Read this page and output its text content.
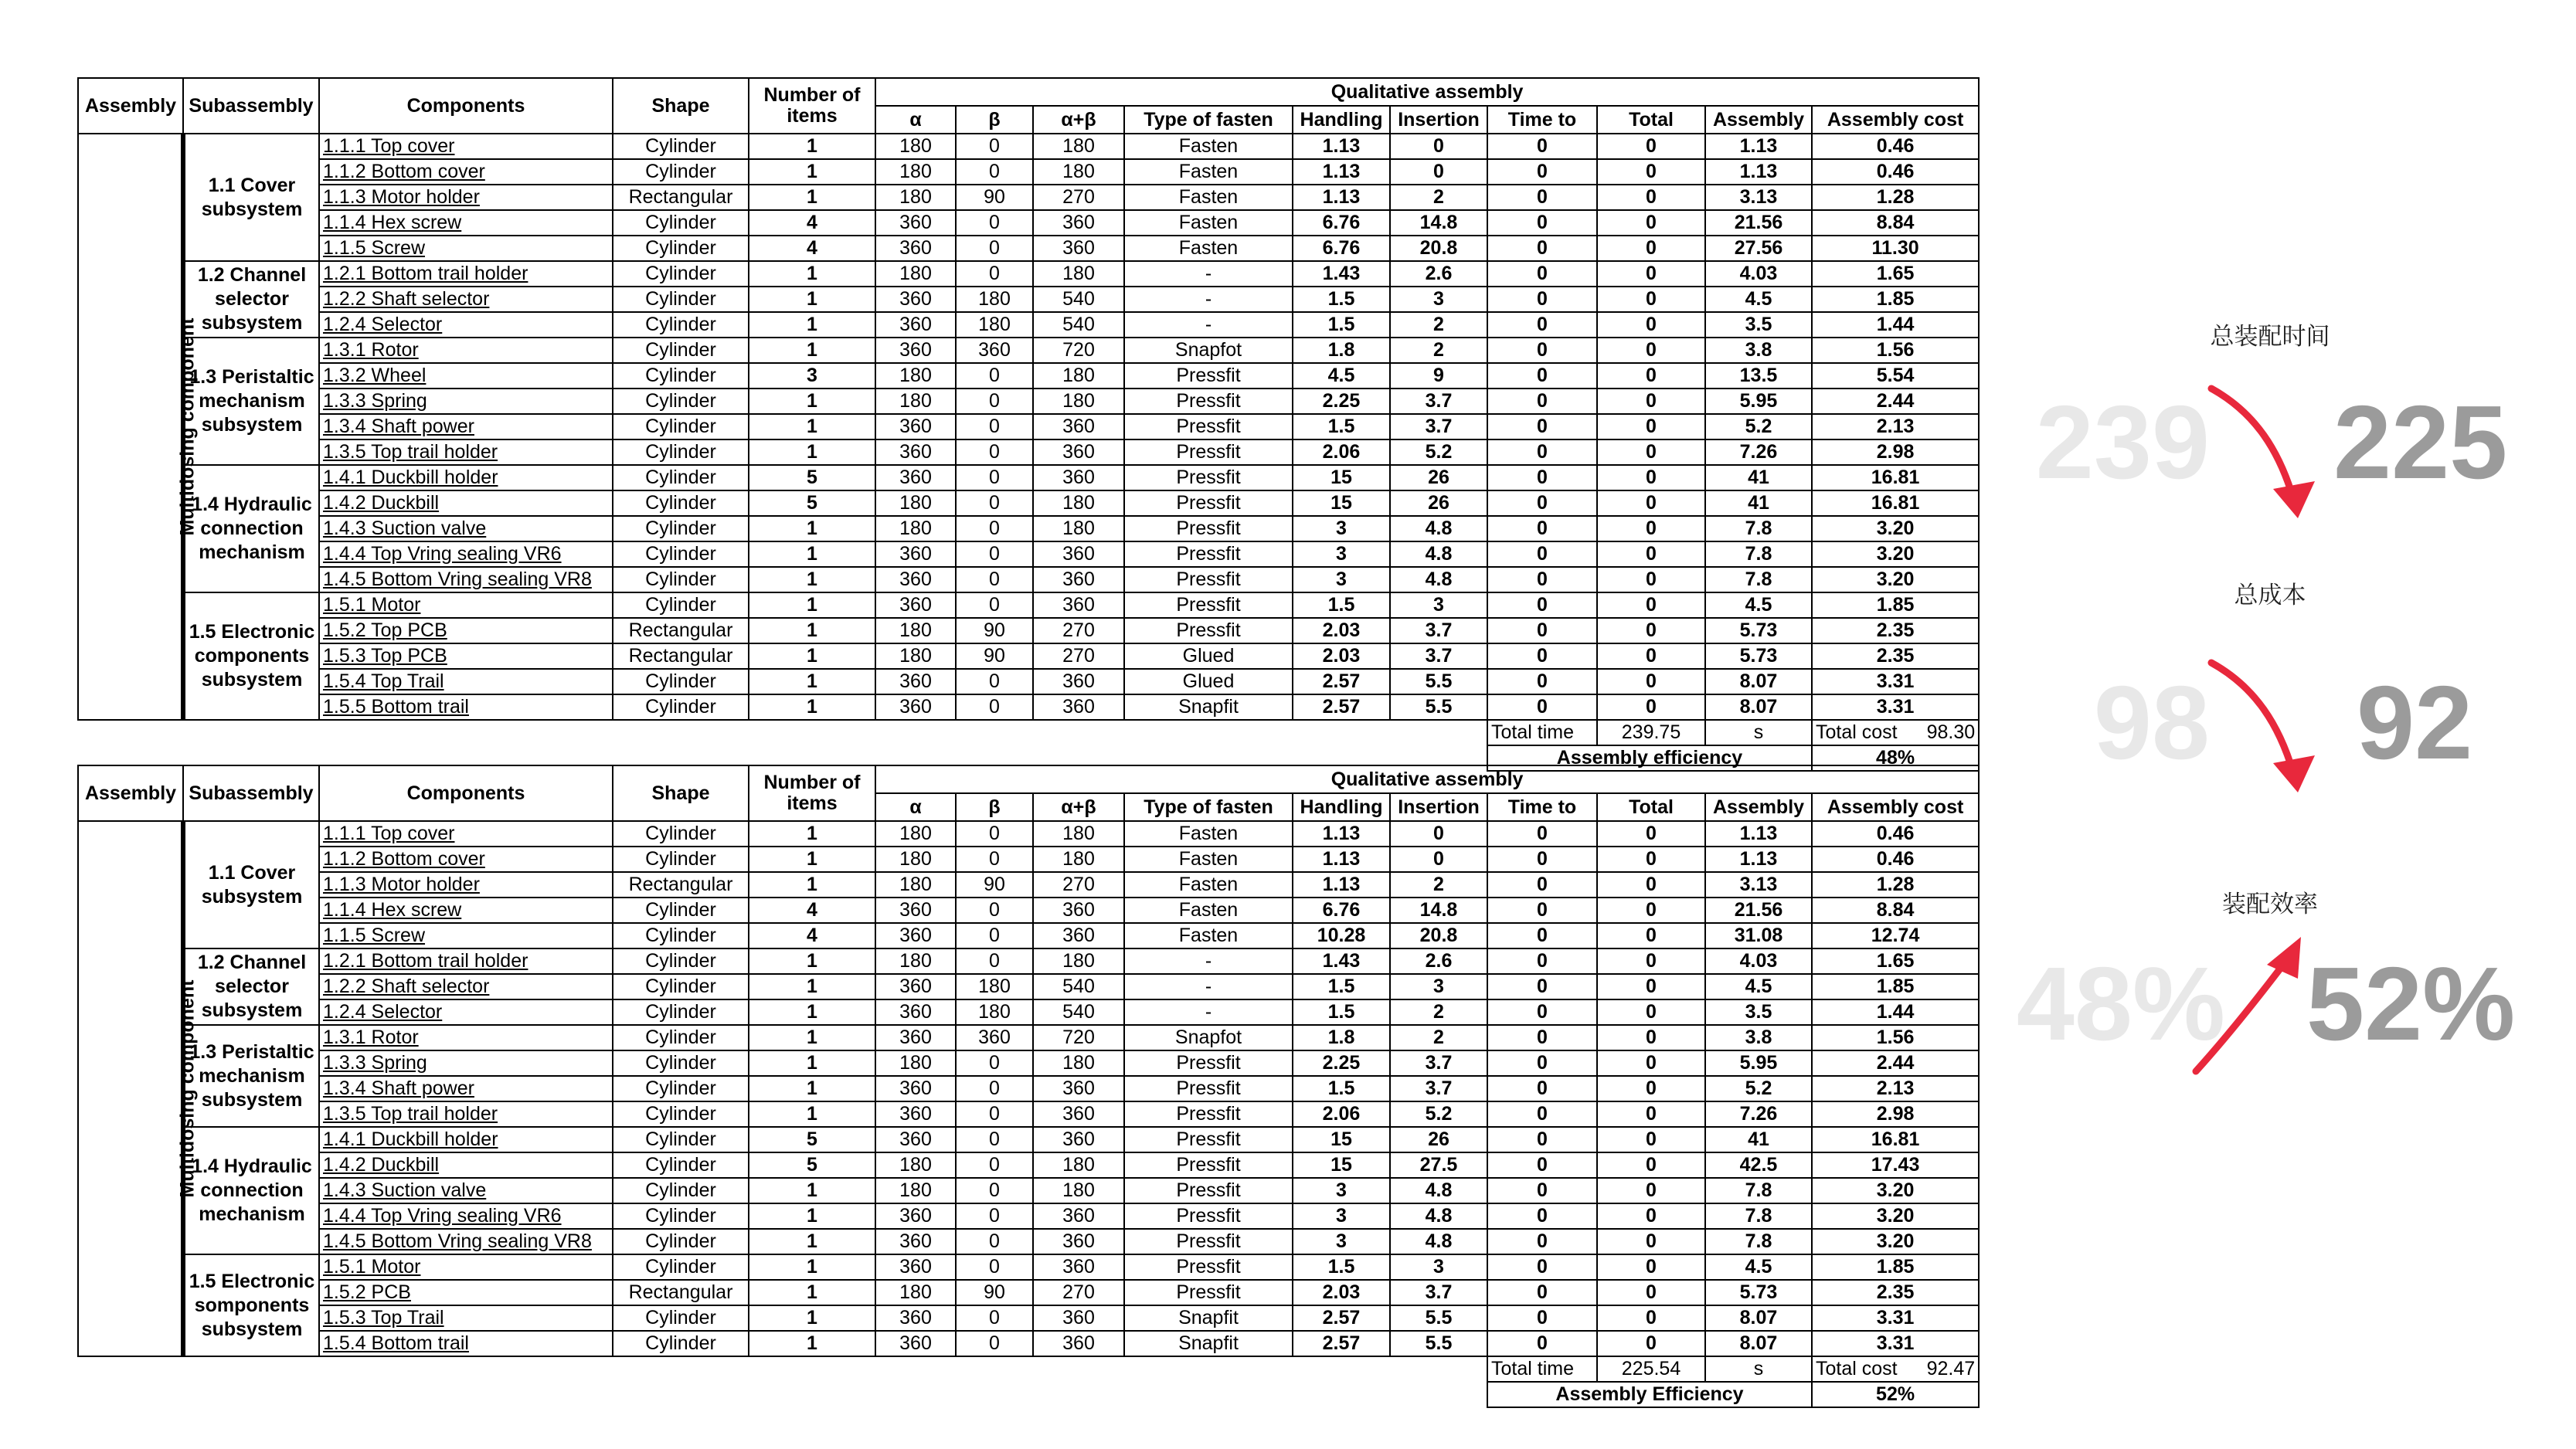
Assembly	Subassembly	Components	Shape	Number of items	Qualitative assembly									
					α	β	α+β	Type of fasten	Handling	Insertion	Time to	Total	Assembly	Assembly cost
Multidosing component	1.1 Cover subsystem	1.1.1 Top cover	Cylinder	1	180	0	180	Fasten	1.13	0	0	0	1.13	0.46
		1.1.2 Bottom cover	Cylinder	1	180	0	180	Fasten	1.13	0	0	0	1.13	0.46
		1.1.3 Motor holder	Rectangular	1	180	90	270	Fasten	1.13	2	0	0	3.13	1.28
		1.1.4 Hex screw	Cylinder	4	360	0	360	Fasten	6.76	14.8	0	0	21.56	8.84
		1.1.5 Screw	Cylinder	4	360	0	360	Fasten	6.76	20.8	0	0	27.56	11.30
	1.2 Channel selector subsystem	1.2.1 Bottom trail holder	Cylinder	1	180	0	180	-	1.43	2.6	0	0	4.03	1.65
		1.2.2 Shaft selector	Cylinder	1	360	180	540	-	1.5	3	0	0	4.5	1.85
		1.2.4 Selector	Cylinder	1	360	180	540	-	1.5	2	0	0	3.5	1.44
	1.3 Peristaltic mechanism subsystem	1.3.1 Rotor	Cylinder	1	360	360	720	Snapfot	1.8	2	0	0	3.8	1.56
		1.3.2 Wheel	Cylinder	3	180	0	180	Pressfit	4.5	9	0	0	13.5	5.54
		1.3.3 Spring	Cylinder	1	180	0	180	Pressfit	2.25	3.7	0	0	5.95	2.44
		1.3.4 Shaft power	Cylinder	1	360	0	360	Pressfit	1.5	3.7	0	0	5.2	2.13
		1.3.5 Top trail holder	Cylinder	1	360	0	360	Pressfit	2.06	5.2	0	0	7.26	2.98
	1.4 Hydraulic connection mechanism	1.4.1 Duckbill holder	Cylinder	5	360	0	360	Pressfit	15	26	0	0	41	16.81
		1.4.2 Duckbill	Cylinder	5	180	0	180	Pressfit	15	26	0	0	41	16.81
		1.4.3 Suction valve	Cylinder	1	180	0	180	Pressfit	3	4.8	0	0	7.8	3.20
		1.4.4 Top Vring sealing VR6	Cylinder	1	360	0	360	Pressfit	3	4.8	0	0	7.8	3.20
		1.4.5 Bottom Vring sealing VR8	Cylinder	1	360	0	360	Pressfit	3	4.8	0	0	7.8	3.20
	1.5 Electronic components subsystem	1.5.1 Motor	Cylinder	1	360	0	360	Pressfit	1.5	3	0	0	4.5	1.85
		1.5.2 Top PCB	Rectangular	1	180	90	270	Pressfit	2.03	3.7	0	0	5.73	2.35
		1.5.3 Top PCB	Rectangular	1	180	90	270	Glued	2.03	3.7	0	0	5.73	2.35
		1.5.4 Top Trail	Cylinder	1	360	0	360	Glued	2.57	5.5	0	0	8.07	3.31
		1.5.5 Bottom trail	Cylinder	1	360	0	360	Snapfit	2.57	5.5	0	0	8.07	3.31
											Total time	239.75	s	Total cost 98.30

											Assembly efficiency			48%
Assembly	Subassembly	Components	Shape	Number of items	Qualitative assembly									
					α	β	α+β	Type of fasten	Handling	Insertion	Time to	Total	Assembly	Assembly cost
Multidosing component	1.1 Cover subsystem	1.1.1 Top cover	Cylinder	1	180	0	180	Fasten	1.13	0	0	0	1.13	0.46
		1.1.2 Bottom cover	Cylinder	1	180	0	180	Fasten	1.13	0	0	0	1.13	0.46
		1.1.3 Motor holder	Rectangular	1	180	90	270	Fasten	1.13	2	0	0	3.13	1.28
		1.1.4 Hex screw	Cylinder	4	360	0	360	Fasten	6.76	14.8	0	0	21.56	8.84
		1.1.5 Screw	Cylinder	4	360	0	360	Fasten	10.28	20.8	0	0	31.08	12.74
	1.2 Channel selector subsystem	1.2.1 Bottom trail holder	Cylinder	1	180	0	180	-	1.43	2.6	0	0	4.03	1.65
		1.2.2 Shaft selector	Cylinder	1	360	180	540	-	1.5	3	0	0	4.5	1.85
		1.2.4 Selector	Cylinder	1	360	180	540	-	1.5	2	0	0	3.5	1.44
	1.3 Peristaltic mechanism subsystem	1.3.1 Rotor	Cylinder	1	360	360	720	Snapfot	1.8	2	0	0	3.8	1.56
		1.3.3 Spring	Cylinder	1	180	0	180	Pressfit	2.25	3.7	0	0	5.95	2.44
		1.3.4 Shaft power	Cylinder	1	360	0	360	Pressfit	1.5	3.7	0	0	5.2	2.13
		1.3.5 Top trail holder	Cylinder	1	360	0	360	Pressfit	2.06	5.2	0	0	7.26	2.98
	1.4 Hydraulic connection mechanism	1.4.1 Duckbill holder	Cylinder	5	360	0	360	Pressfit	15	26	0	0	41	16.81
		1.4.2 Duckbill	Cylinder	5	180	0	180	Pressfit	15	27.5	0	0	42.5	17.43
		1.4.3 Suction valve	Cylinder	1	180	0	180	Pressfit	3	4.8	0	0	7.8	3.20
		1.4.4 Top Vring sealing VR6	Cylinder	1	360	0	360	Pressfit	3	4.8	0	0	7.8	3.20
		1.4.5 Bottom Vring sealing VR8	Cylinder	1	360	0	360	Pressfit	3	4.8	0	0	7.8	3.20
	1.5 Electronic somponents subsystem	1.5.1 Motor	Cylinder	1	360	0	360	Pressfit	1.5	3	0	0	4.5	1.85
		1.5.2 PCB	Rectangular	1	180	90	270	Pressfit	2.03	3.7	0	0	5.73	2.35
		1.5.3 Top Trail	Cylinder	1	360	0	360	Snapfit	2.57	5.5	0	0	8.07	3.31
		1.5.4 Bottom trail	Cylinder	1	360	0	360	Snapfit	2.57	5.5	0	0	8.07	3.31
											Total time	225.54	s	Total cost 92.47

											Assembly Efficiency			52%
总装配时间
239 225
总成本
98 92
装配效率
48% 52%
